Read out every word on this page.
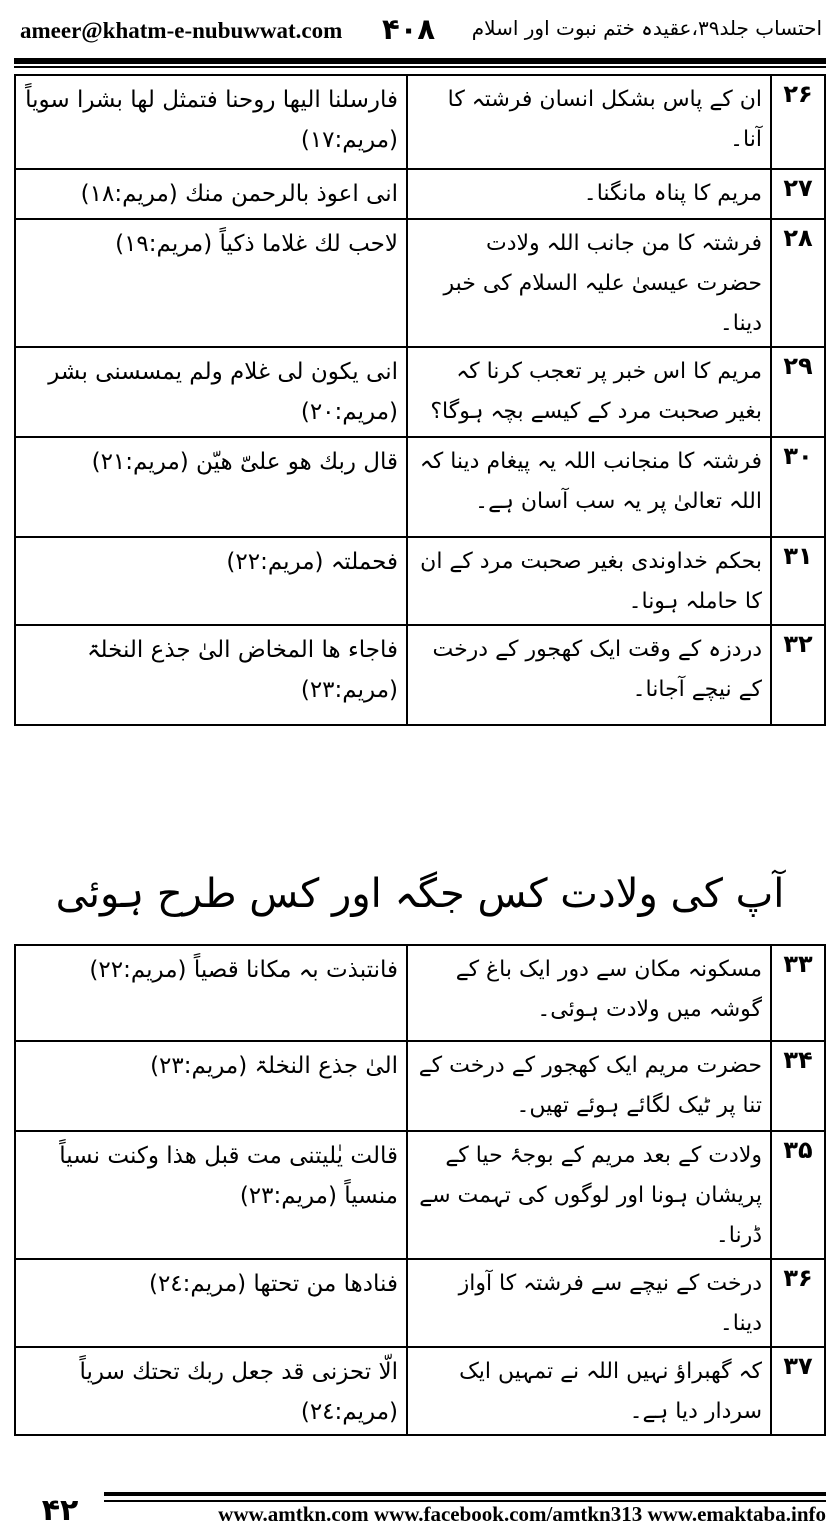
ameer@khatm-e-nubuwwat.com ۴۰۸ احتساب جلد۳۹،عقیدہ ختم نبوت اور اسلام
۲۶	ان کے پاس بشکل انسان فرشتہ کا آنا۔	فارسلنا الیھا روحنا فتمثل لھا بشرا سویاً (مریم:۱۷)
۲۷	مریم کا پناہ مانگنا۔	انی اعوذ بالرحمن منك (مریم:۱۸)
۲۸	فرشتہ کا من جانب اللہ ولادت حضرت عیسیٰ علیہ السلام کی خبر دینا۔	لاحب لك غلاما ذکیاً (مریم:۱۹)
۲۹	مریم کا اس خبر پر تعجب کرنا کہ بغیر صحبت مرد کے کیسے بچہ ہوگا؟	انی یکون لی غلام ولم یمسسنی بشر (مریم:۲۰)
۳۰	فرشتہ کا منجانب اللہ یہ پیغام دینا کہ اللہ تعالیٰ پر یہ سب آسان ہے۔	قال ربك ھو علیّ ھیّن (مریم:۲۱)
۳۱	بحکم خداوندی بغیر صحبت مرد کے ان کا حاملہ ہونا۔	فحملتہ (مریم:۲۲)
۳۲	دردزہ کے وقت ایک کھجور کے درخت کے نیچے آجانا۔	فاجاء ھا المخاض الیٰ جذع النخلۃ (مریم:۲۳)
آپ کی ولادت کس جگہ اور کس طرح ہوئی
۳۳	مسکونہ مکان سے دور ایک باغ کے گوشہ میں ولادت ہوئی۔	فانتبذت بہ مکانا قصیاً (مریم:۲۲)
۳۴	حضرت مریم ایک کھجور کے درخت کے تنا پر ٹیک لگائے ہوئے تھیں۔	الیٰ جذع النخلۃ (مریم:۲۳)
۳۵	ولادت کے بعد مریم کے بوجۂ حیا کے پریشان ہونا اور لوگوں کی تہمت سے ڈرنا۔	قالت یٰلیتنی مت قبل ھذا وکنت نسیاً منسیاً (مریم:۲۳)
۳۶	درخت کے نیچے سے فرشتہ کا آواز دینا۔	فنادھا من تحتھا (مریم:۲٤)
۳۷	کہ گھبراؤ نہیں اللہ نے تمہیں ایک سردار دیا ہے۔	الّا تحزنی قد جعل ربك تحتك سریاً (مریم:۲٤)
۴۲	www.amtkn.com www.facebook.com/amtkn313 www.emaktaba.info
